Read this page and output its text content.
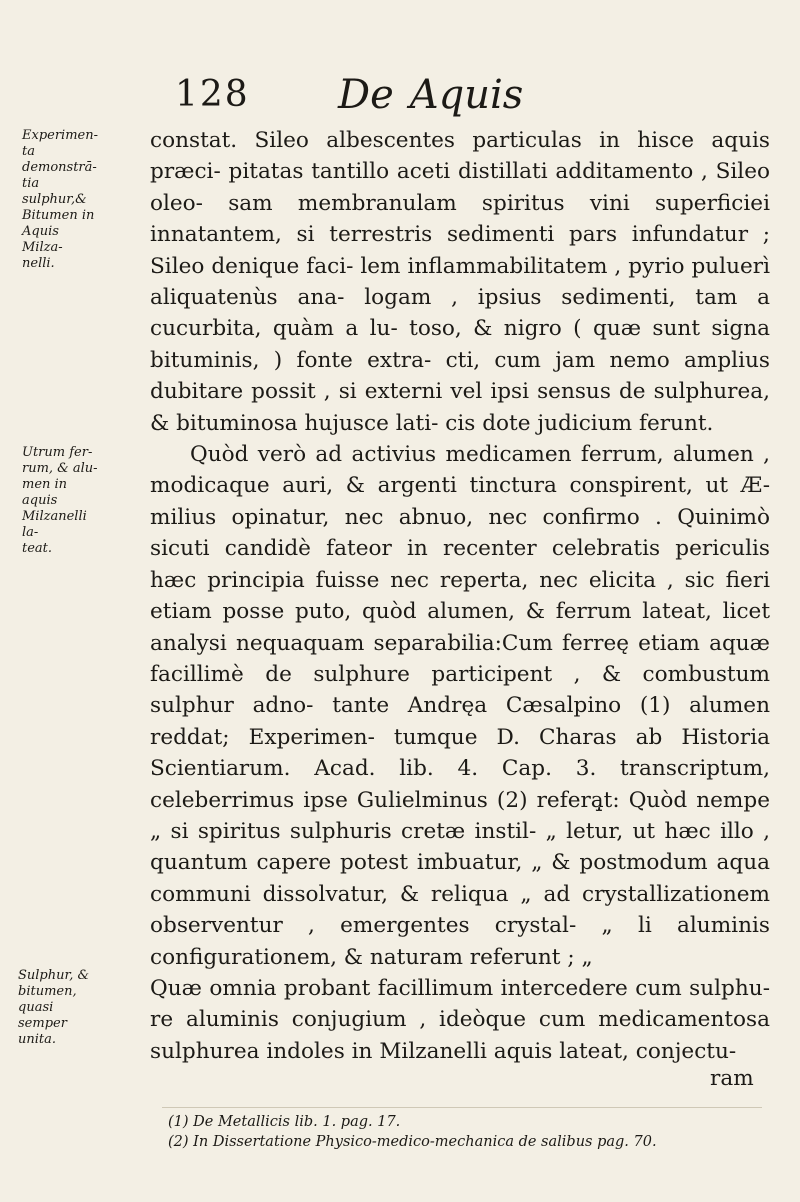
128 De Aquis
Experimen-
ta demonstrā-
tia sulphur,&
Bitumen in
Aquis Milza-
nelli.
Utrum fer-
rum, & alu-
men in aquis
Milzanelli la-
teat.
Sulphur, &
bitumen, quasi
semper unita.

constat. Sileo albescentes particulas in hisce aquis præci- pitatas tantillo aceti distillati additamento , Sileo oleo- sam membranulam spiritus vini superficiei innatantem, si terrestris sedimenti pars infundatur ; Sileo denique faci- lem inflammabilitatem , pyrio puluerì aliquatenùs ana- logam , ipsius sedimenti, tam a cucurbita, quàm a lu- toso, & nigro ( quæ sunt signa bituminis, ) fonte extra- cti, cum jam nemo amplius dubitare possit , si externi vel ipsi sensus de sulphurea, & bituminosa hujusce lati- cis dote judicium ferunt.

Quòd verò ad activius medicamen ferrum, alumen , modicaque auri, & argenti tinctura conspirent, ut Æ- milius opinatur, nec abnuo, nec confirmo . Quinimò sicuti candidè fateor in recenter celebratis periculis hæc principia fuisse nec reperta, nec elicita , sic fieri etiam posse puto, quòd alumen, & ferrum lateat, licet analysi nequaquam separabilia:Cum ferreę etiam aquæ facillimè de sulphure participent , & combustum sulphur adno- tante Andręa Cæsalpino (1) alumen reddat; Experimen- tumque D. Charas ab Historia Scientiarum. Acad. lib. 4. Cap. 3. transcriptum, celeberrimus ipse Gulielminus (2) referą̧t: Quòd nempe „ si spiritus sulphuris cretæ instil- „ letur, ut hæc illo , quantum capere potest imbuatur, „ & postmodum aqua communi dissolvatur, & reliqua „ ad crystallizationem observentur , emergentes crystal- „ li aluminis configurationem, & naturam referunt ; „

Quæ omnia probant facillimum intercedere cum sulphu- re aluminis conjugium , ideòque cum medicamentosa sulphurea indoles in Milzanelli aquis lateat, conjectu-

ram
(1) De Metallicis lib. 1. pag. 17.
(2) In Dissertatione Physico-medico-mechanica de salibus pag. 70.
